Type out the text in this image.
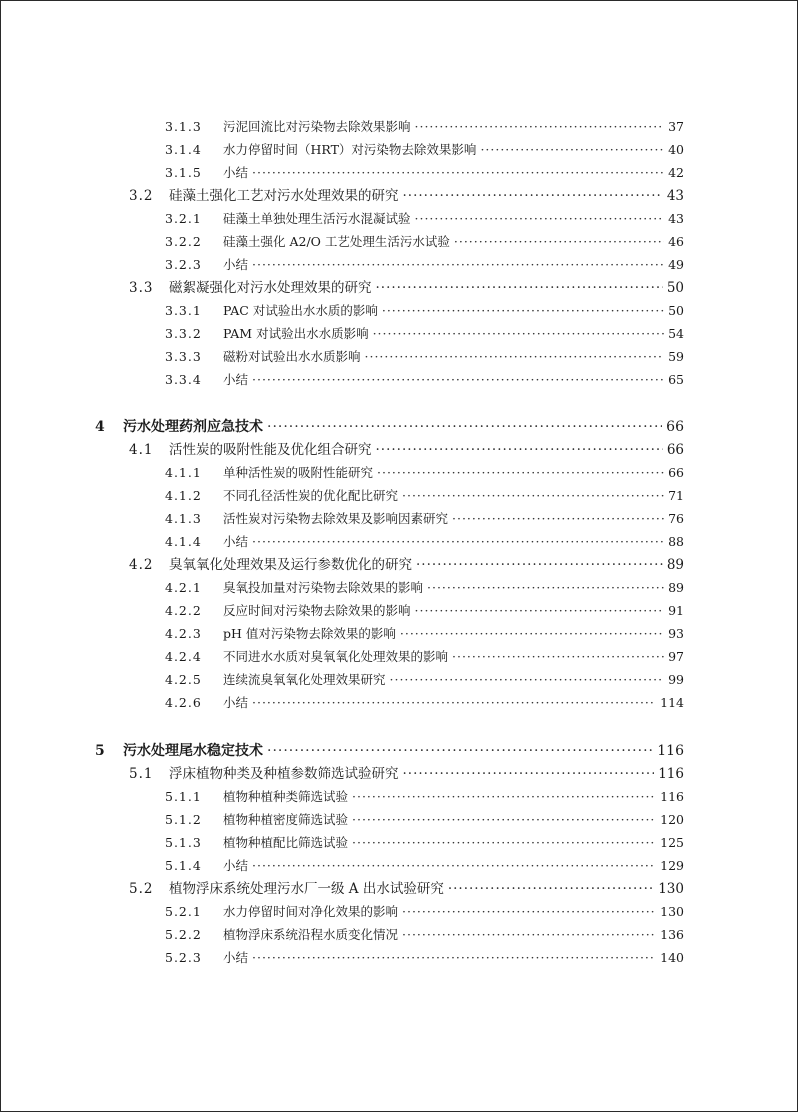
3.1.3	污泥回流比对污染物去除效果影响 ·····	37
3.1.4	水力停留时间（HRT）对污染物去除效果影响 ·····	40
3.1.5	小结 ·····	42
3.2	硅藻土强化工艺对污水处理效果的研究 ·····	43
3.2.1	硅藻土单独处理生活污水混凝试验 ·····	43
3.2.2	硅藻土强化 A2/O 工艺处理生活污水试验 ·····	46
3.2.3	小结 ·····	49
3.3	磁絮凝强化对污水处理效果的研究 ·····	50
3.3.1	PAC 对试验出水水质的影响 ·····	50
3.3.2	PAM 对试验出水水质影响 ·····	54
3.3.3	磁粉对试验出水水质影响 ·····	59
3.3.4	小结 ·····	65
4	污水处理药剂应急技术 ·····	66
4.1	活性炭的吸附性能及优化组合研究 ·····	66
4.1.1	单种活性炭的吸附性能研究 ·····	66
4.1.2	不同孔径活性炭的优化配比研究 ·····	71
4.1.3	活性炭对污染物去除效果及影响因素研究 ·····	76
4.1.4	小结 ·····	88
4.2	臭氧氧化处理效果及运行参数优化的研究 ·····	89
4.2.1	臭氧投加量对污染物去除效果的影响 ·····	89
4.2.2	反应时间对污染物去除效果的影响 ·····	91
4.2.3	pH 值对污染物去除效果的影响 ·····	93
4.2.4	不同进水水质对臭氧氧化处理效果的影响 ·····	97
4.2.5	连续流臭氧氧化处理效果研究 ·····	99
4.2.6	小结 ·····	114
5	污水处理尾水稳定技术 ·····	116
5.1	浮床植物种类及种植参数筛选试验研究 ·····	116
5.1.1	植物种植种类筛选试验 ·····	116
5.1.2	植物种植密度筛选试验 ·····	120
5.1.3	植物种植配比筛选试验 ·····	125
5.1.4	小结 ·····	129
5.2	植物浮床系统处理污水厂一级 A 出水试验研究 ·····	130
5.2.1	水力停留时间对净化效果的影响 ·····	130
5.2.2	植物浮床系统沿程水质变化情况 ·····	136
5.2.3	小结 ·····	140
